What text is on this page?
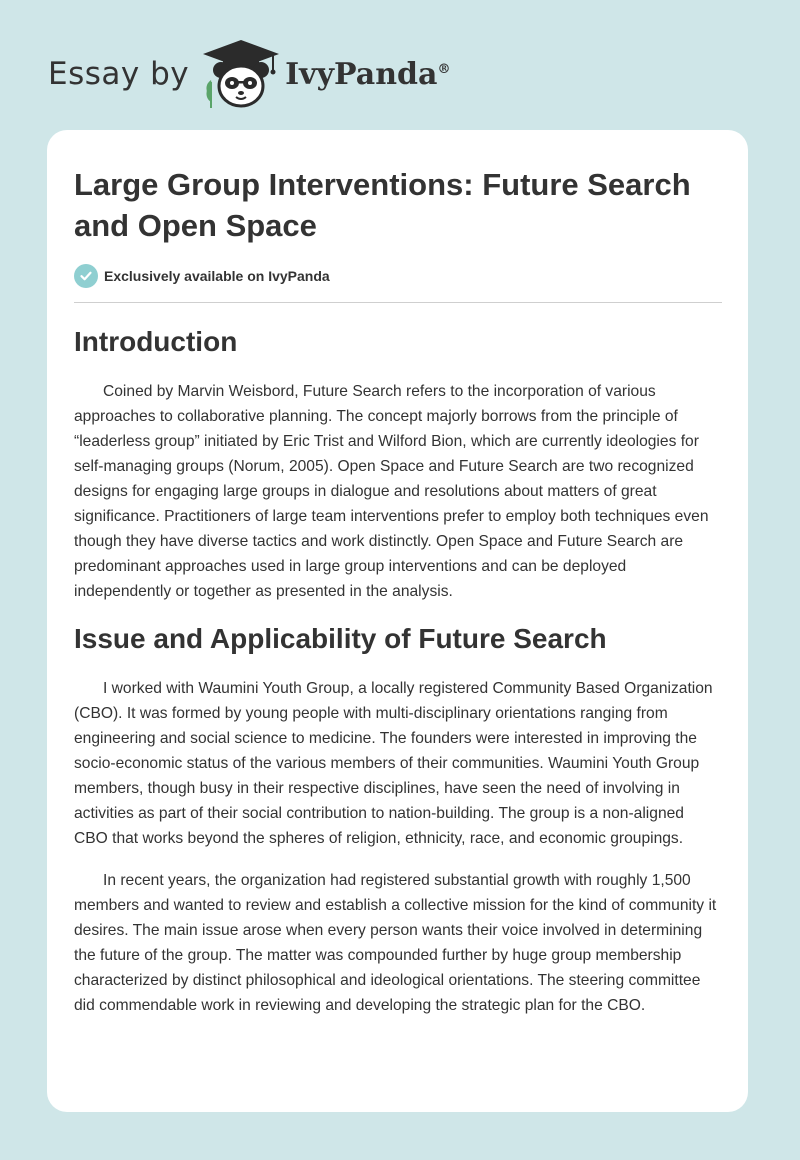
Essay by	IvyPanda®
Large Group Interventions: Future Search and Open Space
Exclusively available on IvyPanda
Introduction

Coined by Marvin Weisbord, Future Search refers to the incorporation of various approaches to collaborative planning. The concept majorly borrows from the principle of “leaderless group” initiated by Eric Trist and Wilford Bion, which are currently ideologies for self-managing groups (Norum, 2005). Open Space and Future Search are two recognized designs for engaging large groups in dialogue and resolutions about matters of great significance. Practitioners of large team interventions prefer to employ both techniques even though they have diverse tactics and work distinctly. Open Space and Future Search are predominant approaches used in large group interventions and can be deployed independently or together as presented in the analysis.

Issue and Applicability of Future Search

I worked with Waumini Youth Group, a locally registered Community Based Organization (CBO). It was formed by young people with multi-disciplinary orientations ranging from engineering and social science to medicine. The founders were interested in improving the socio-economic status of the various members of their communities. Waumini Youth Group members, though busy in their respective disciplines, have seen the need of involving in activities as part of their social contribution to nation-building. The group is a non-aligned CBO that works beyond the spheres of religion, ethnicity, race, and economic groupings.

In recent years, the organization had registered substantial growth with roughly 1,500 members and wanted to review and establish a collective mission for the kind of community it desires. The main issue arose when every person wants their voice involved in determining the future of the group. The matter was compounded further by huge group membership characterized by distinct philosophical and ideological orientations. The steering committee did commendable work in reviewing and developing the strategic plan for the CBO.
